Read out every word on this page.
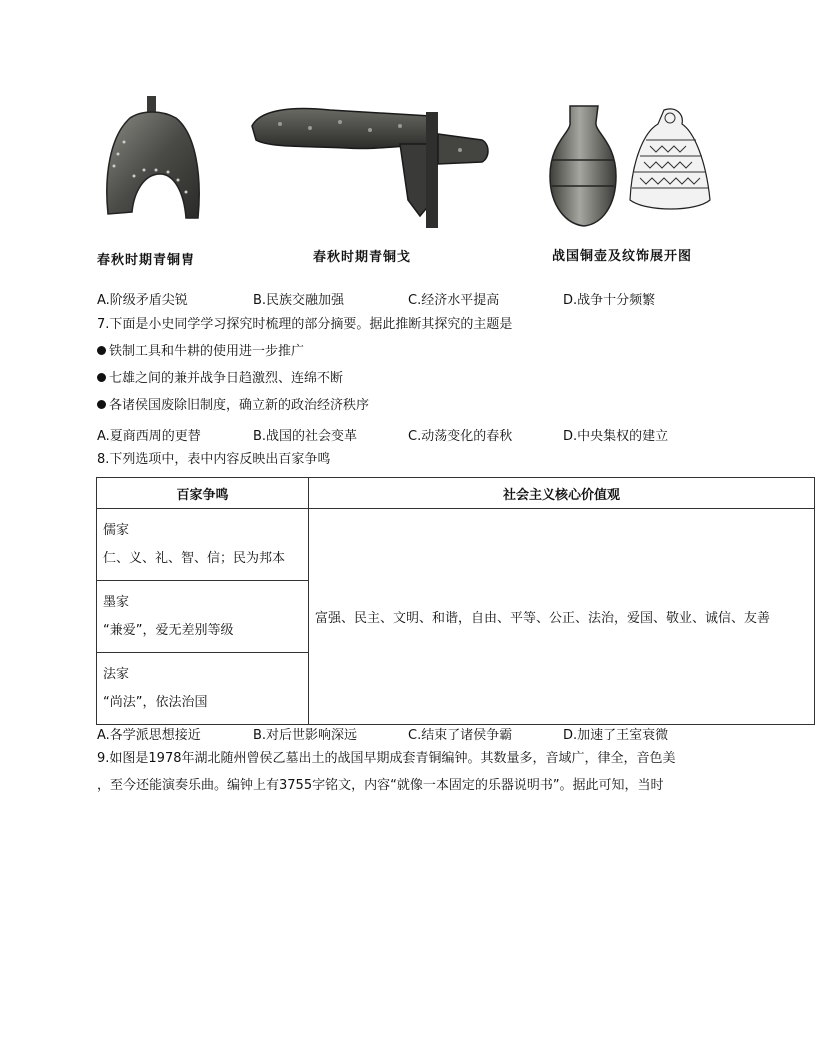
春秋时期青铜胄	春秋时期青铜戈	战国铜壶及纹饰展开图
A.阶级矛盾尖锐	B.民族交融加强	C.经济水平提高	D.战争十分频繁
7.下面是小史同学学习探究时梳理的部分摘要。据此推断其探究的主题是
铁制工具和牛耕的使用进一步推广
七雄之间的兼并战争日趋激烈、连绵不断
各诸侯国废除旧制度，确立新的政治经济秩序
A.夏商西周的更替	B.战国的社会变革	C.动荡变化的春秋	D.中央集权的建立
8.下列选项中，表中内容反映出百家争鸣
百家争鸣	社会主义核心价值观

儒家
仁、义、礼、智、信；民为邦本	富强、民主、文明、和谐，自由、平等、公正、法治，爱国、敬业、诚信、友善

墨家
“兼爱”，爱无差别等级	

法家
“尚法”，依法治国	
A.各学派思想接近	B.对后世影响深远	C.结束了诸侯争霸	D.加速了王室衰微
9.如图是1978年湖北随州曾侯乙墓出土的战国早期成套青铜编钟。其数量多，音域广，律全，音色美
，至今还能演奏乐曲。编钟上有3755字铭文，内容“就像一本固定的乐器说明书”。据此可知，当时
